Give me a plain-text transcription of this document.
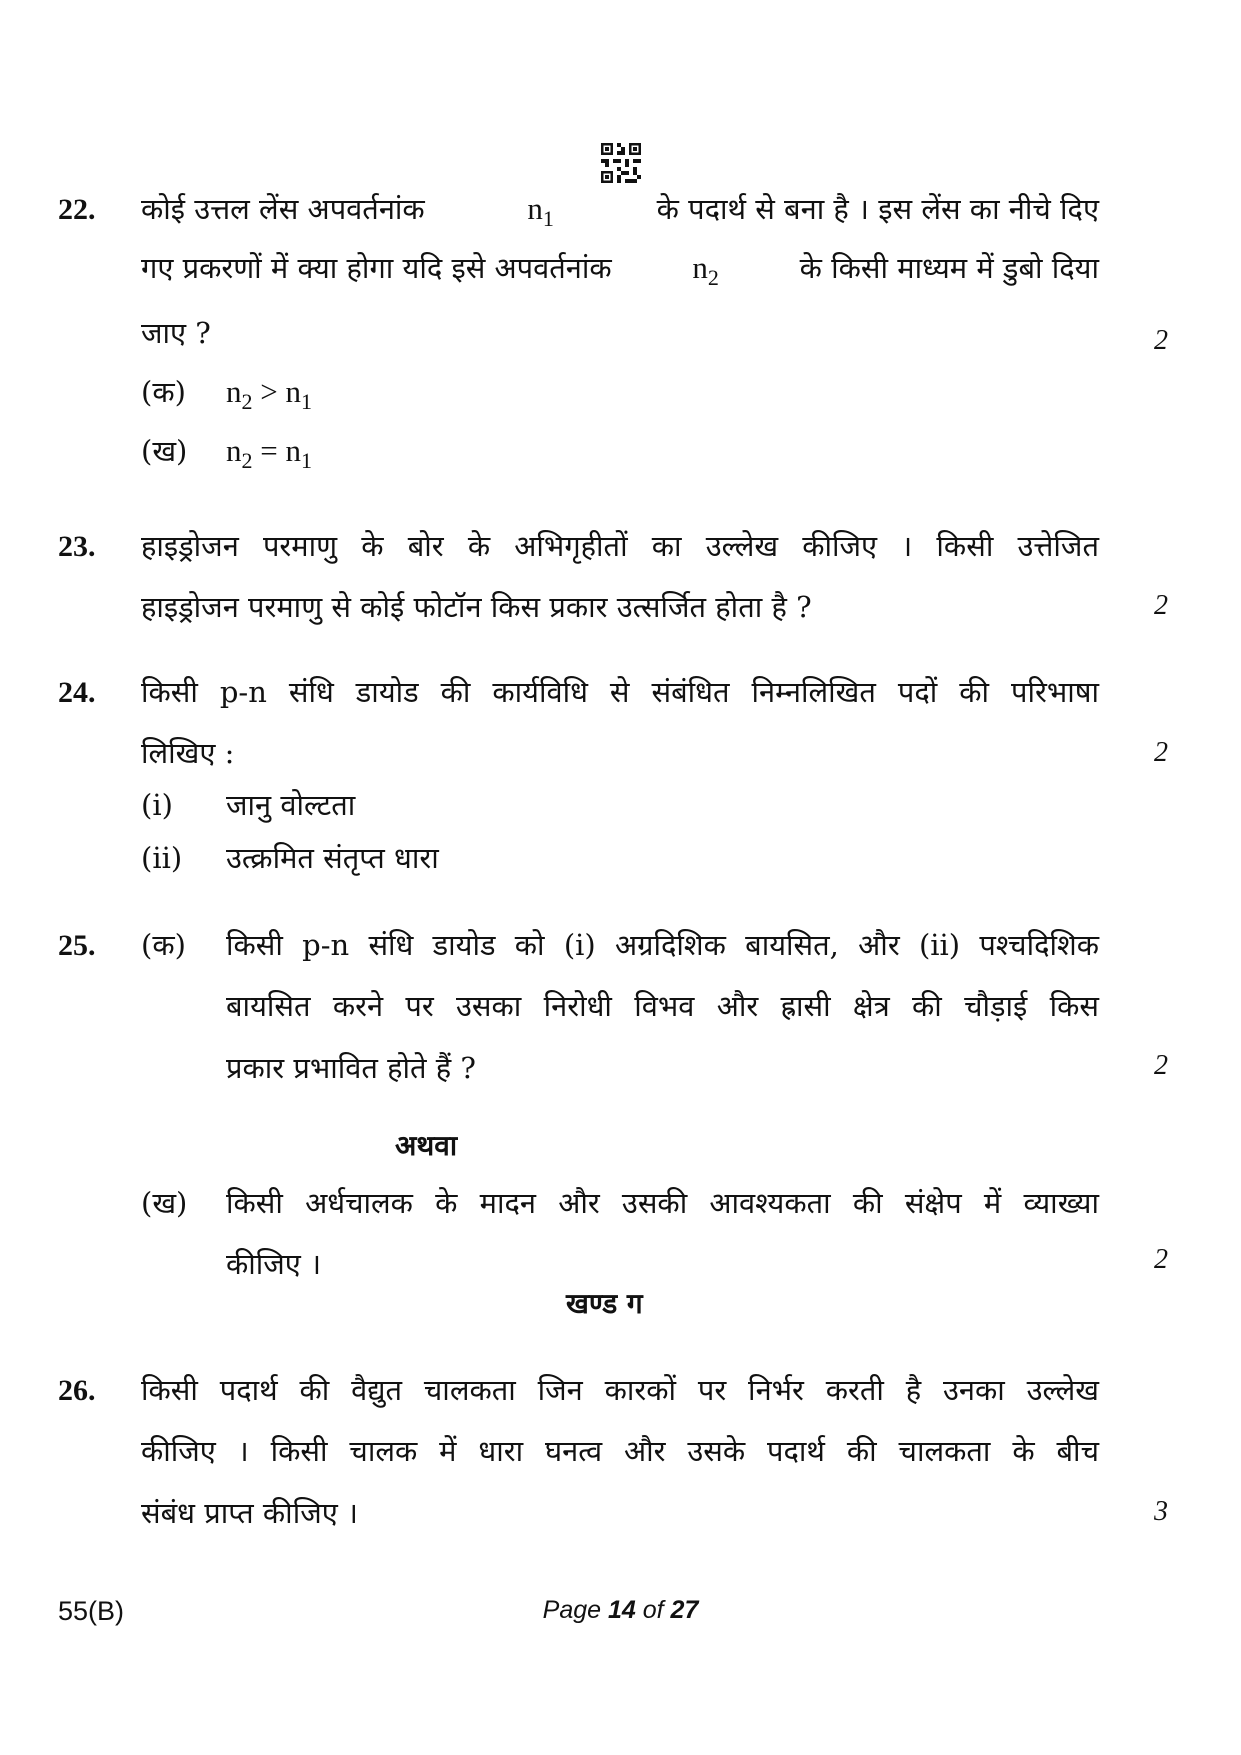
22. कोई उत्तल लेंस अपवर्तनांक	$n_1$	के पदार्थ से बना है । इस लेंस का नीचे दिए
गए प्रकरणों में क्या होगा यदि इसे अपवर्तनांक	$n_2$	के किसी माध्यम में डुबो दिया
जाए ?	2
(क) $n_2 > n_1$
(ख) $n_2 = n_1$
23. हाइड्रोजन परमाणु के बोर के अभिगृहीतों का उल्लेख कीजिए । किसी उत्तेजित
हाइड्रोजन परमाणु से कोई फोटॉन किस प्रकार उत्सर्जित होता है ?	2
24. किसी p-n संधि डायोड की कार्यविधि से संबंधित निम्नलिखित पदों की परिभाषा
लिखिए :	2
(i) जानु वोल्टता
(ii) उत्क्रमित संतृप्त धारा
25. (क) किसी p-n संधि डायोड को (i) अग्रदिशिक बायसित, और (ii) पश्चदिशिक
बायसित करने पर उसका निरोधी विभव और ह्रासी क्षेत्र की चौड़ाई किस
प्रकार प्रभावित होते हैं ?	2
अथवा
(ख) किसी अर्धचालक के मादन और उसकी आवश्यकता की संक्षेप में व्याख्या
कीजिए ।	2
खण्ड ग
26. किसी पदार्थ की वैद्युत चालकता जिन कारकों पर निर्भर करती है उनका उल्लेख
कीजिए । किसी चालक में धारा घनत्व और उसके पदार्थ की चालकता के बीच
संबंध प्राप्त कीजिए ।	3
55(B)	Page 14 of 27
